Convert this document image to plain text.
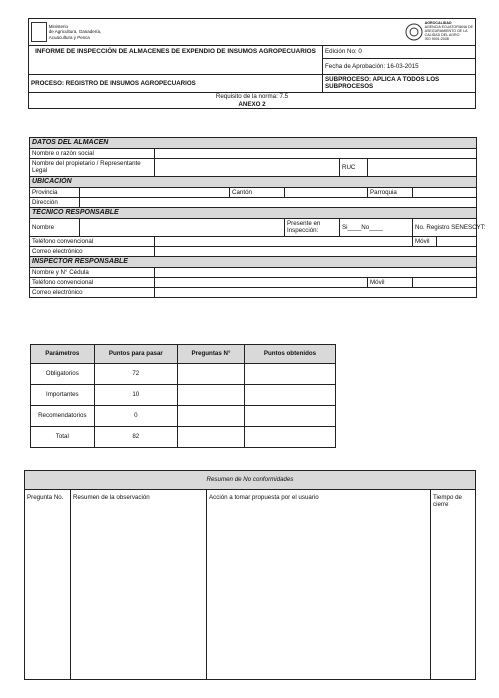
Ministerio
de Agricultura, Ganadería,
Acuacultura y Pesca	AGROCALIDAD
AGENCIA ECUATORIANA DE
ASEGURAMIENTO DE LA
CALIDAD DEL AGRO
ISO 9001:2008
INFORME DE INSPECCIÓN DE ALMACENES DE EXPENDIO DE INSUMOS AGROPECUARIOS	Edición No: 0
	Fecha de Aprobación: 16-03-2015
PROCESO: REGISTRO DE INSUMOS AGROPECUARIOS	SUBPROCESO: APLICA A TODOS LOS SUBPROCESOS
Requisito de la norma: 7.5
ANEXO 2	
DATOS DEL ALMACEN								
Nombre o razón social								
Nombre del propietario / Representante Legal					RUC			
UBICACIÓN								
Provincia			Cantón			Parroquia		
Dirección								
TÉCNICO RESPONSABLE								
Nombre				Presente en Inspección:	Si____No____		No. Registro SENESCYT:	
Teléfono convencional							Móvil	
Correo electrónico								
INSPECTOR RESPONSABLE								
Nombre y N° Cédula								
Teléfono convencional						Móvil		
Correo electrónico								
Parámetros	Puntos para pasar	Preguntas N°	Puntos obtenidos
Obligatorios	72		
Importantes	10		
Recomendatorios	0		
Total	82		
Resumen de No conformidades
Pregunta No.	Resumen de la observación	Acción a tomar propuesta por el usuario	Tiempo de cierre
